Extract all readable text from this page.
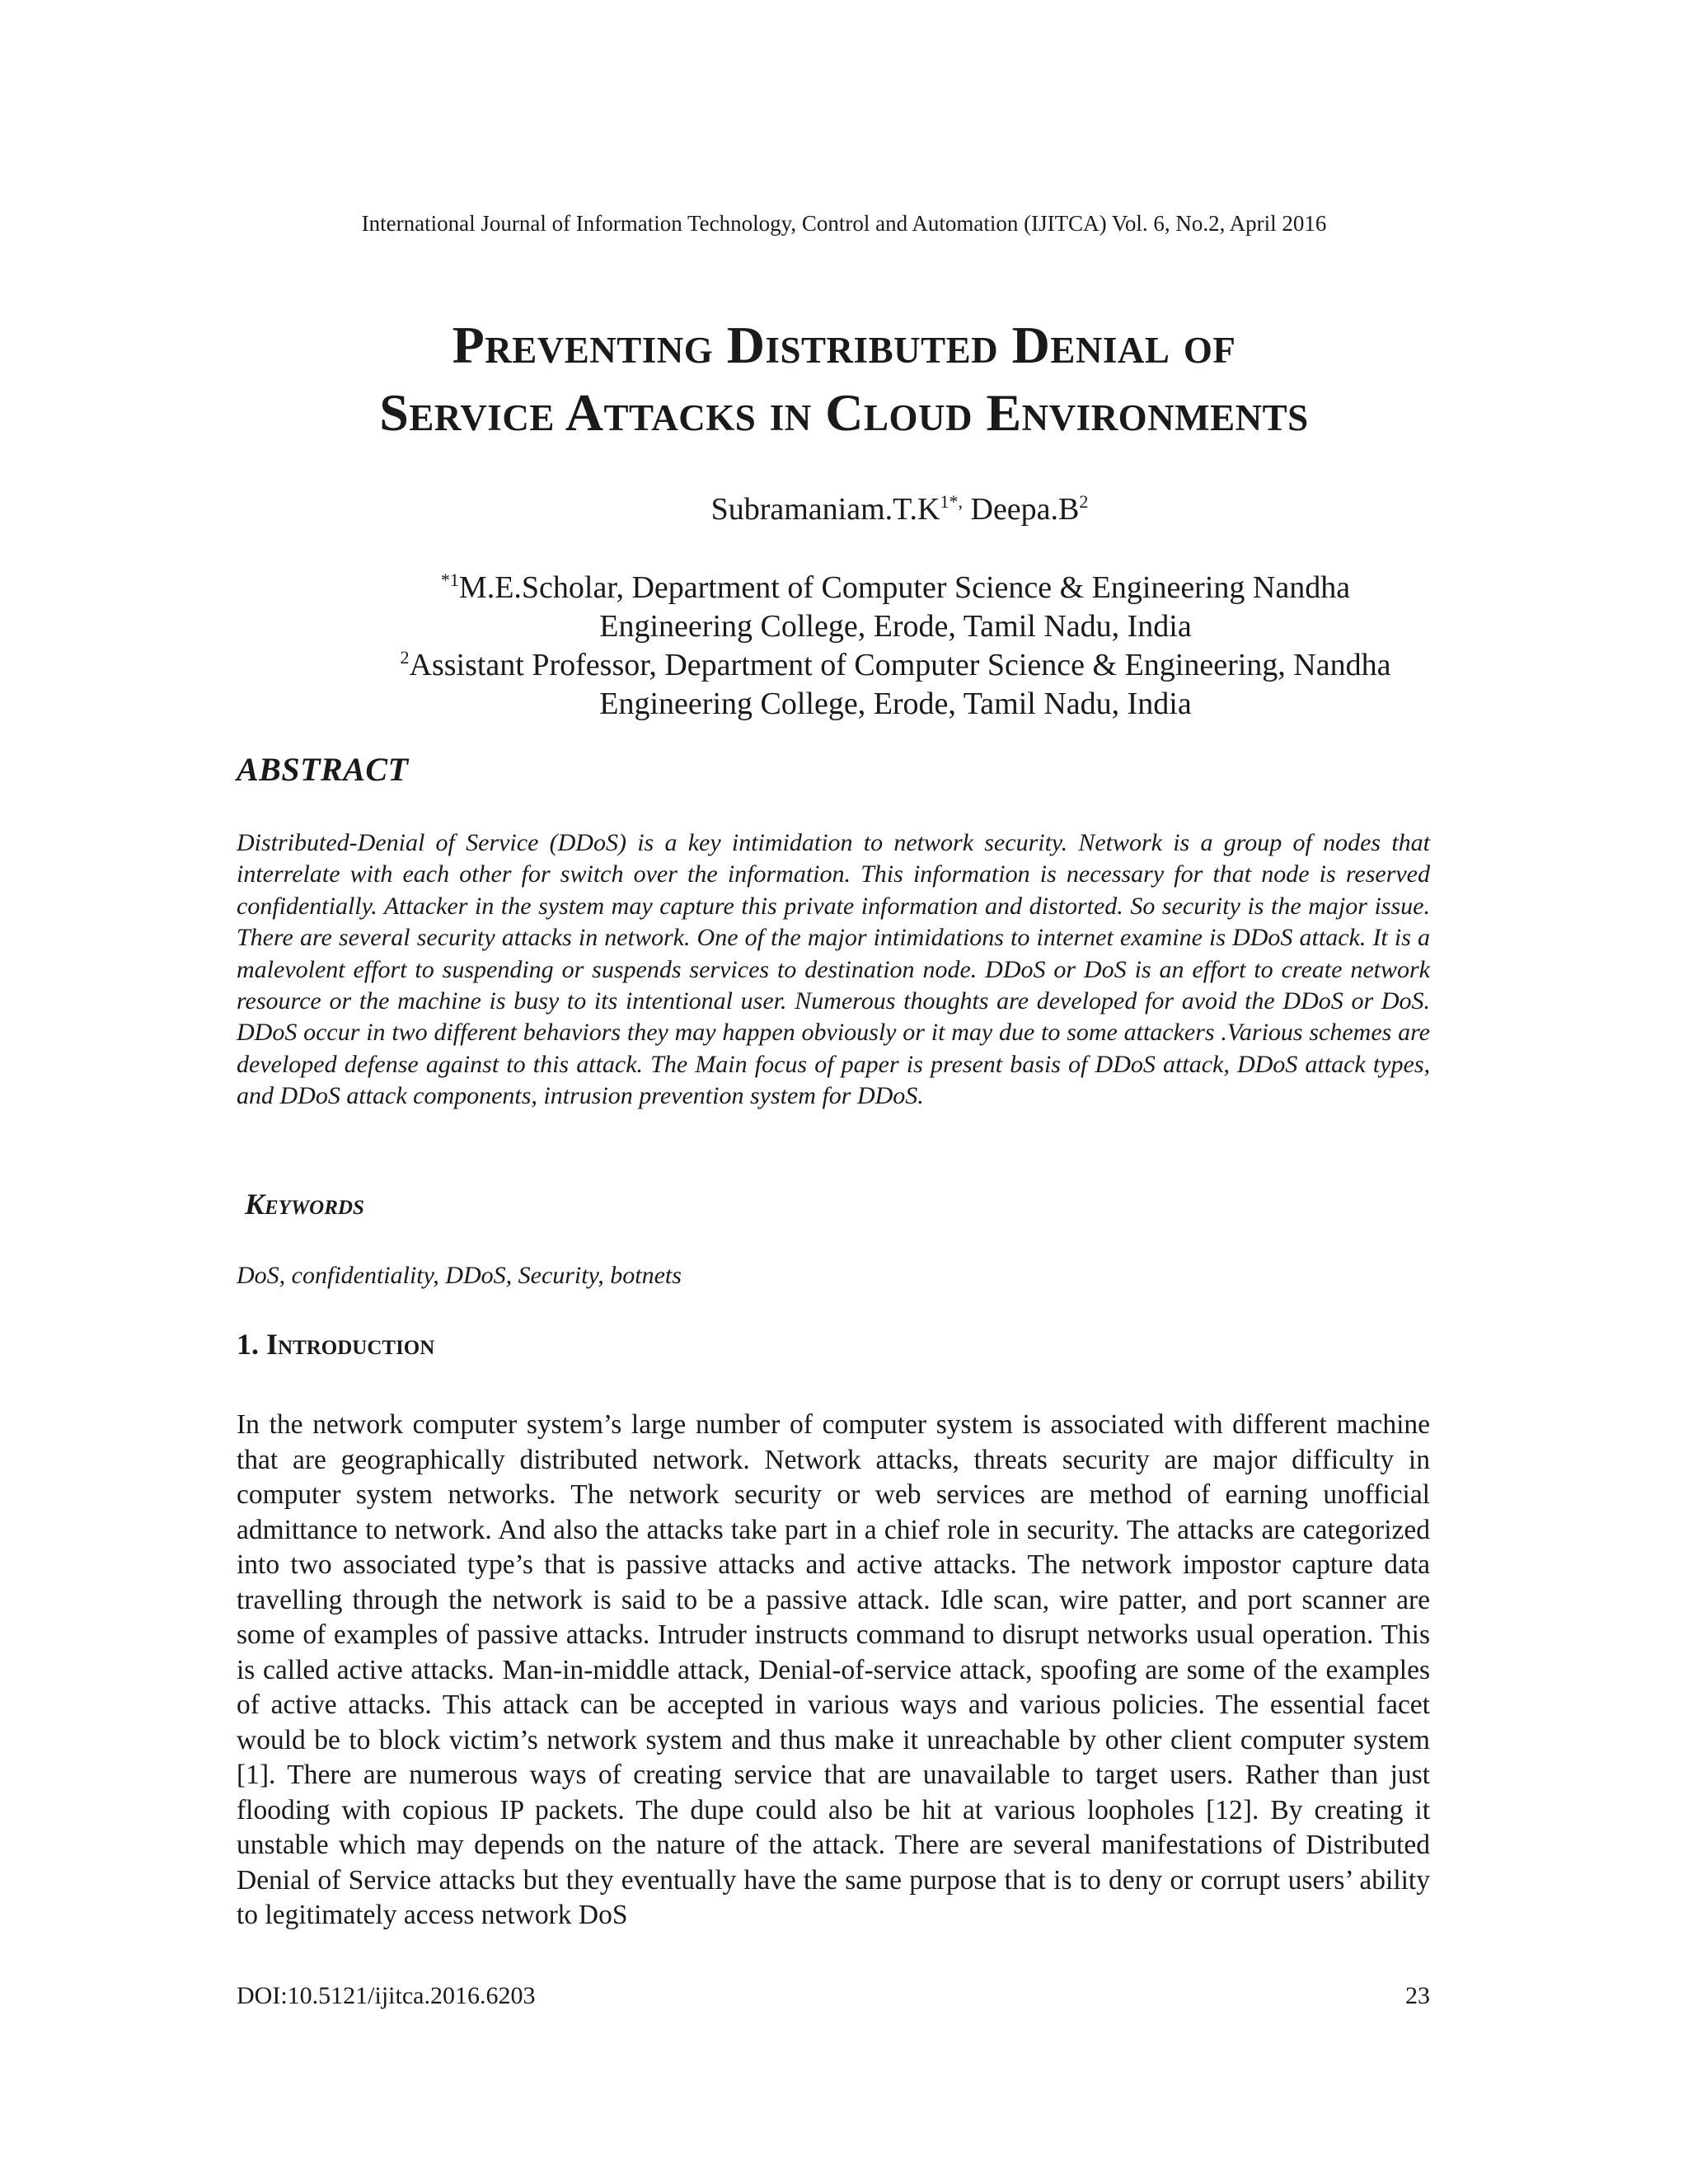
International Journal of Information Technology, Control and Automation (IJITCA) Vol. 6, No.2, April 2016
Preventing Distributed Denial of
Service Attacks in Cloud Environments
$Subramaniam.T.K^{1*,}$ $Deepa.B^2$
$^{*1}$M.E.Scholar, Department of Computer Science & Engineering Nandha
Engineering College, Erode, Tamil Nadu, India
$^2$Assistant Professor, Department of Computer Science & Engineering, Nandha
Engineering College, Erode, Tamil Nadu, India
ABSTRACT
Distributed-Denial of Service (DDoS) is a key intimidation to network security. Network is a group of nodes that interrelate with each other for switch over the information. This information is necessary for that node is reserved confidentially. Attacker in the system may capture this private information and distorted. So security is the major issue. There are several security attacks in network. One of the major intimidations to internet examine is DDoS attack. It is a malevolent effort to suspending or suspends services to destination node. DDoS or DoS is an effort to create network resource or the machine is busy to its intentional user. Numerous thoughts are developed for avoid the DDoS or DoS. DDoS occur in two different behaviors they may happen obviously or it may due to some attackers .Various schemes are developed defense against to this attack. The Main focus of paper is present basis of DDoS attack, DDoS attack types, and DDoS attack components, intrusion prevention system for DDoS.
Keywords
DoS, confidentiality, DDoS, Security, botnets
1. Introduction

In the network computer system’s large number of computer system is associated with different machine that are geographically distributed network. Network attacks, threats security are major difficulty in computer system networks. The network security or web services are method of earning unofficial admittance to network. And also the attacks take part in a chief role in security. The attacks are categorized into two associated type’s that is passive attacks and active attacks. The network impostor capture data travelling through the network is said to be a passive attack. Idle scan, wire patter, and port scanner are some of examples of passive attacks. Intruder instructs command to disrupt networks usual operation. This is called active attacks. Man-in-middle attack, Denial-of-service attack, spoofing are some of the examples of active attacks. This attack can be accepted in various ways and various policies. The essential facet would be to block victim’s network system and thus make it unreachable by other client computer system [1]. There are numerous ways of creating service that are unavailable to target users. Rather than just flooding with copious IP packets. The dupe could also be hit at various loopholes [12]. By creating it unstable which may depends on the nature of the attack. There are several manifestations of Distributed Denial of Service attacks but they eventually have the same purpose that is to deny or corrupt users’ ability to legitimately access network DoS

DOI:10.5121/ijitca.2016.6203	23
